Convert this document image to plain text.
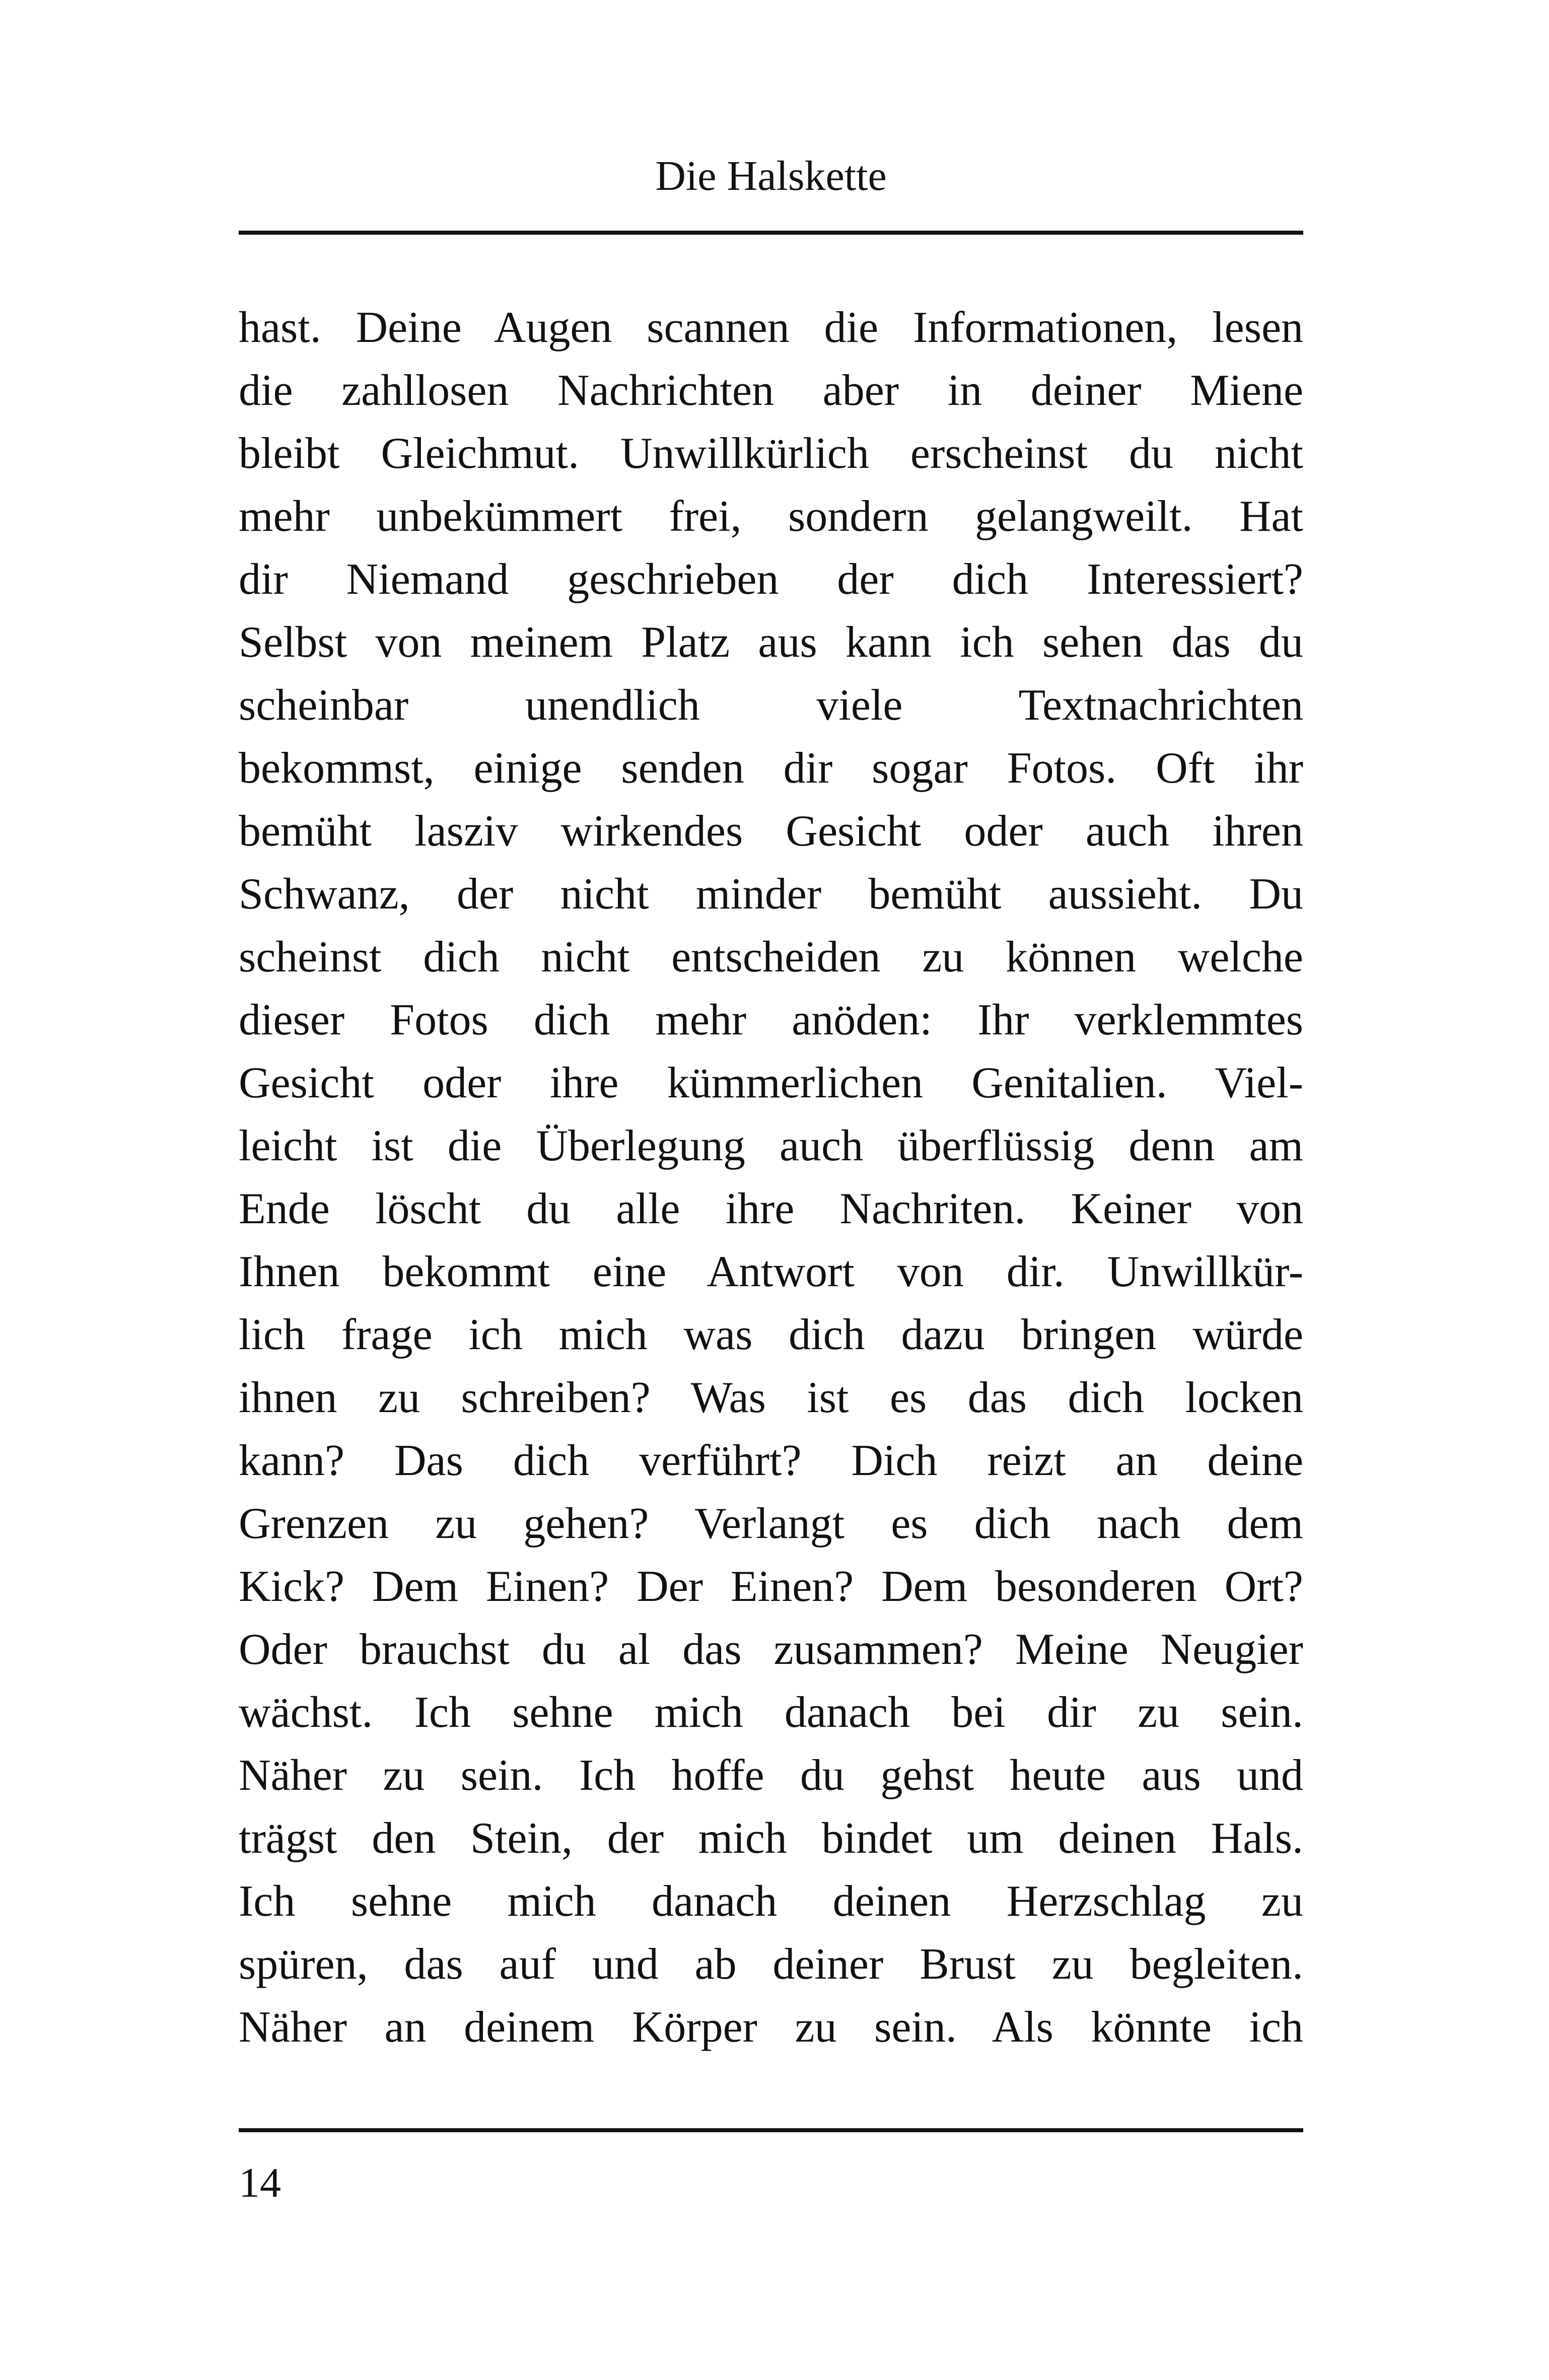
Die Halskette
hast. Deine Augen scannen die Informationen, lesen
die zahllosen Nachrichten aber in deiner Miene
bleibt Gleichmut. Unwillkürlich erscheinst du nicht
mehr unbekümmert frei, sondern gelangweilt. Hat
dir Niemand geschrieben der dich Interessiert?
Selbst von meinem Platz aus kann ich sehen das du
scheinbar unendlich viele Textnachrichten
bekommst, einige senden dir sogar Fotos. Oft ihr
bemüht lasziv wirkendes Gesicht oder auch ihren
Schwanz, der nicht minder bemüht aussieht. Du
scheinst dich nicht entscheiden zu können welche
dieser Fotos dich mehr anöden: Ihr verklemmtes
Gesicht oder ihre kümmerlichen Genitalien. Viel-
leicht ist die Überlegung auch überflüssig denn am
Ende löscht du alle ihre Nachriten. Keiner von
Ihnen bekommt eine Antwort von dir. Unwillkür-
lich frage ich mich was dich dazu bringen würde
ihnen zu schreiben? Was ist es das dich locken
kann? Das dich verführt? Dich reizt an deine
Grenzen zu gehen? Verlangt es dich nach dem
Kick? Dem Einen? Der Einen? Dem besonderen Ort?
Oder brauchst du al das zusammen? Meine Neugier
wächst. Ich sehne mich danach bei dir zu sein.
Näher zu sein. Ich hoffe du gehst heute aus und
trägst den Stein, der mich bindet um deinen Hals.
Ich sehne mich danach deinen Herzschlag zu
spüren, das auf und ab deiner Brust zu begleiten.
Näher an deinem Körper zu sein. Als könnte ich
14
